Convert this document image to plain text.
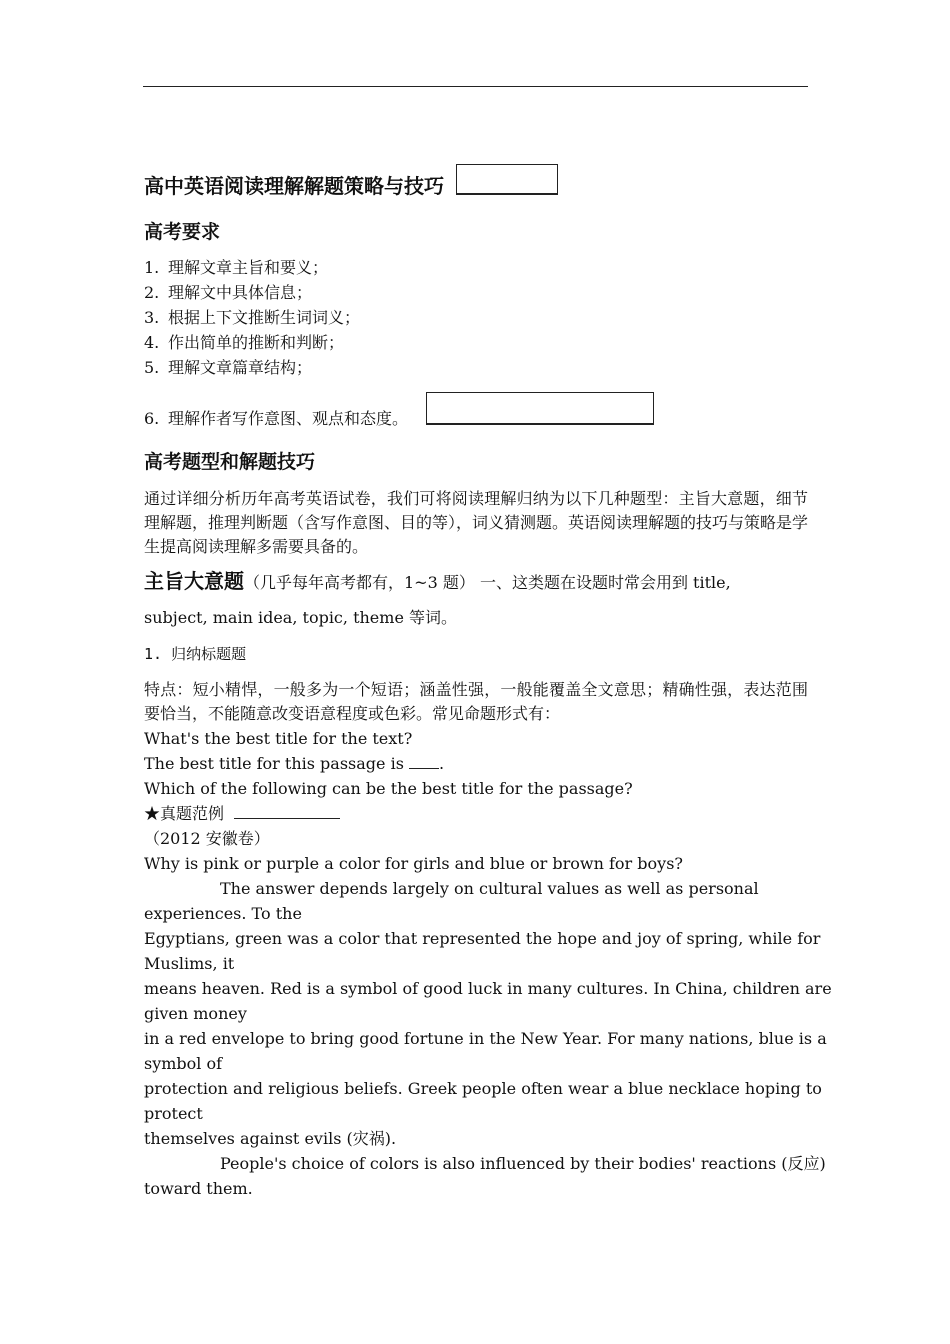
高中英语阅读理解解题策略与技巧
高考要求
1. 理解文章主旨和要义；
2. 理解文中具体信息；
3. 根据上下文推断生词词义；
4. 作出简单的推断和判断；
5. 理解文章篇章结构；
6. 理解作者写作意图、观点和态度。
高考题型和解题技巧

通过详细分析历年高考英语试卷，我们可将阅读理解归纳为以下几种题型：主旨大意题，细节理解题，推理判断题（含写作意图、目的等），词义猜测题。英语阅读理解题的技巧与策略是学生提高阅读理解多需要具备的。

主旨大意题（几乎每年高考都有，1~3 题） 一、这类题在设题时常会用到 title,

subject, main idea, topic, theme 等词。

1. 归纳标题题

特点：短小精悍，一般多为一个短语；涵盖性强，一般能覆盖全文意思；精确性强，表达范围要恰当，不能随意改变语意程度或色彩。常见命题形式有：

What's the best title for the text?

The best title for this passage is .

Which of the following can be the best title for the passage?

★真题范例

（2012 安徽卷）

Why is pink or purple a color for girls and blue or brown for boys?

The answer depends largely on cultural values as well as personal

experiences. To the

Egyptians, green was a color that represented the hope and joy of spring, while for

Muslims, it

means heaven. Red is a symbol of good luck in many cultures. In China, children are

given money

in a red envelope to bring good fortune in the New Year. For many nations, blue is a

symbol of

protection and religious beliefs. Greek people often wear a blue necklace hoping to

protect

themselves against evils (灾祸).

People's choice of colors is also influenced by their bodies' reactions (反应)

toward them.
